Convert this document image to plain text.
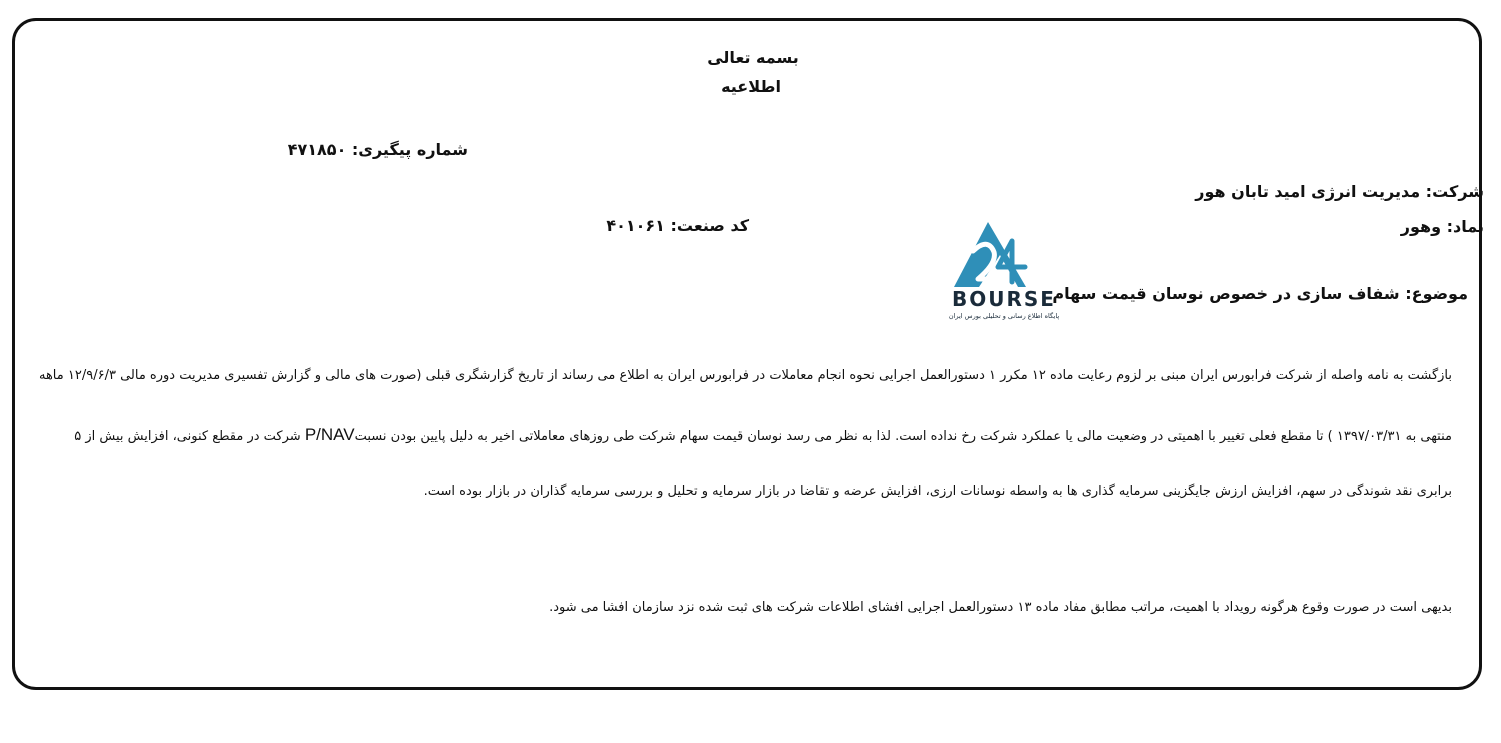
بسمه تعالی
اطلاعیه
شماره پیگیری: ۴۷۱۸۵۰
شرکت: مدیریت انرژی امید تابان هور
نماد: وهور
کد صنعت: ۴۰۱۰۶۱
موضوع: شفاف سازی در خصوص نوسان قیمت سهام
BOURSE
پایگاه اطلاع رسانی و تحلیلی بورس ایران
بازگشت به نامه واصله از شرکت فرابورس ایران مبنی بر لزوم رعایت ماده ۱۲ مکرر ۱ دستورالعمل اجرایی نحوه انجام معاملات در فرابورس ایران به اطلاع می رساند از تاریخ گزارشگری قبلی (صورت های مالی و گزارش تفسیری مدیریت دوره مالی ۱۲/۹/۶/۳ ماهه
منتهی به ۱۳۹۷/۰۳/۳۱ ) تا مقطع فعلی تغییر با اهمیتی در وضعیت مالی یا عملکرد شرکت رخ نداده است. لذا به نظر می رسد نوسان قیمت سهام شرکت طی روزهای معاملاتی اخیر به دلیل پایین بودن نسبتP/NAV شرکت در مقطع کنونی، افزایش بیش از ۵
برابری نقد شوندگی در سهم، افزایش ارزش جایگزینی سرمایه گذاری ها به واسطه نوسانات ارزی، افزایش عرضه و تقاضا در بازار سرمایه و تحلیل و بررسی سرمایه گذاران در بازار بوده است.
بدیهی است در صورت وقوع هرگونه رویداد با اهمیت، مراتب مطابق مفاد ماده ۱۳ دستورالعمل اجرایی افشای اطلاعات شرکت های ثبت شده نزد سازمان افشا می شود.
